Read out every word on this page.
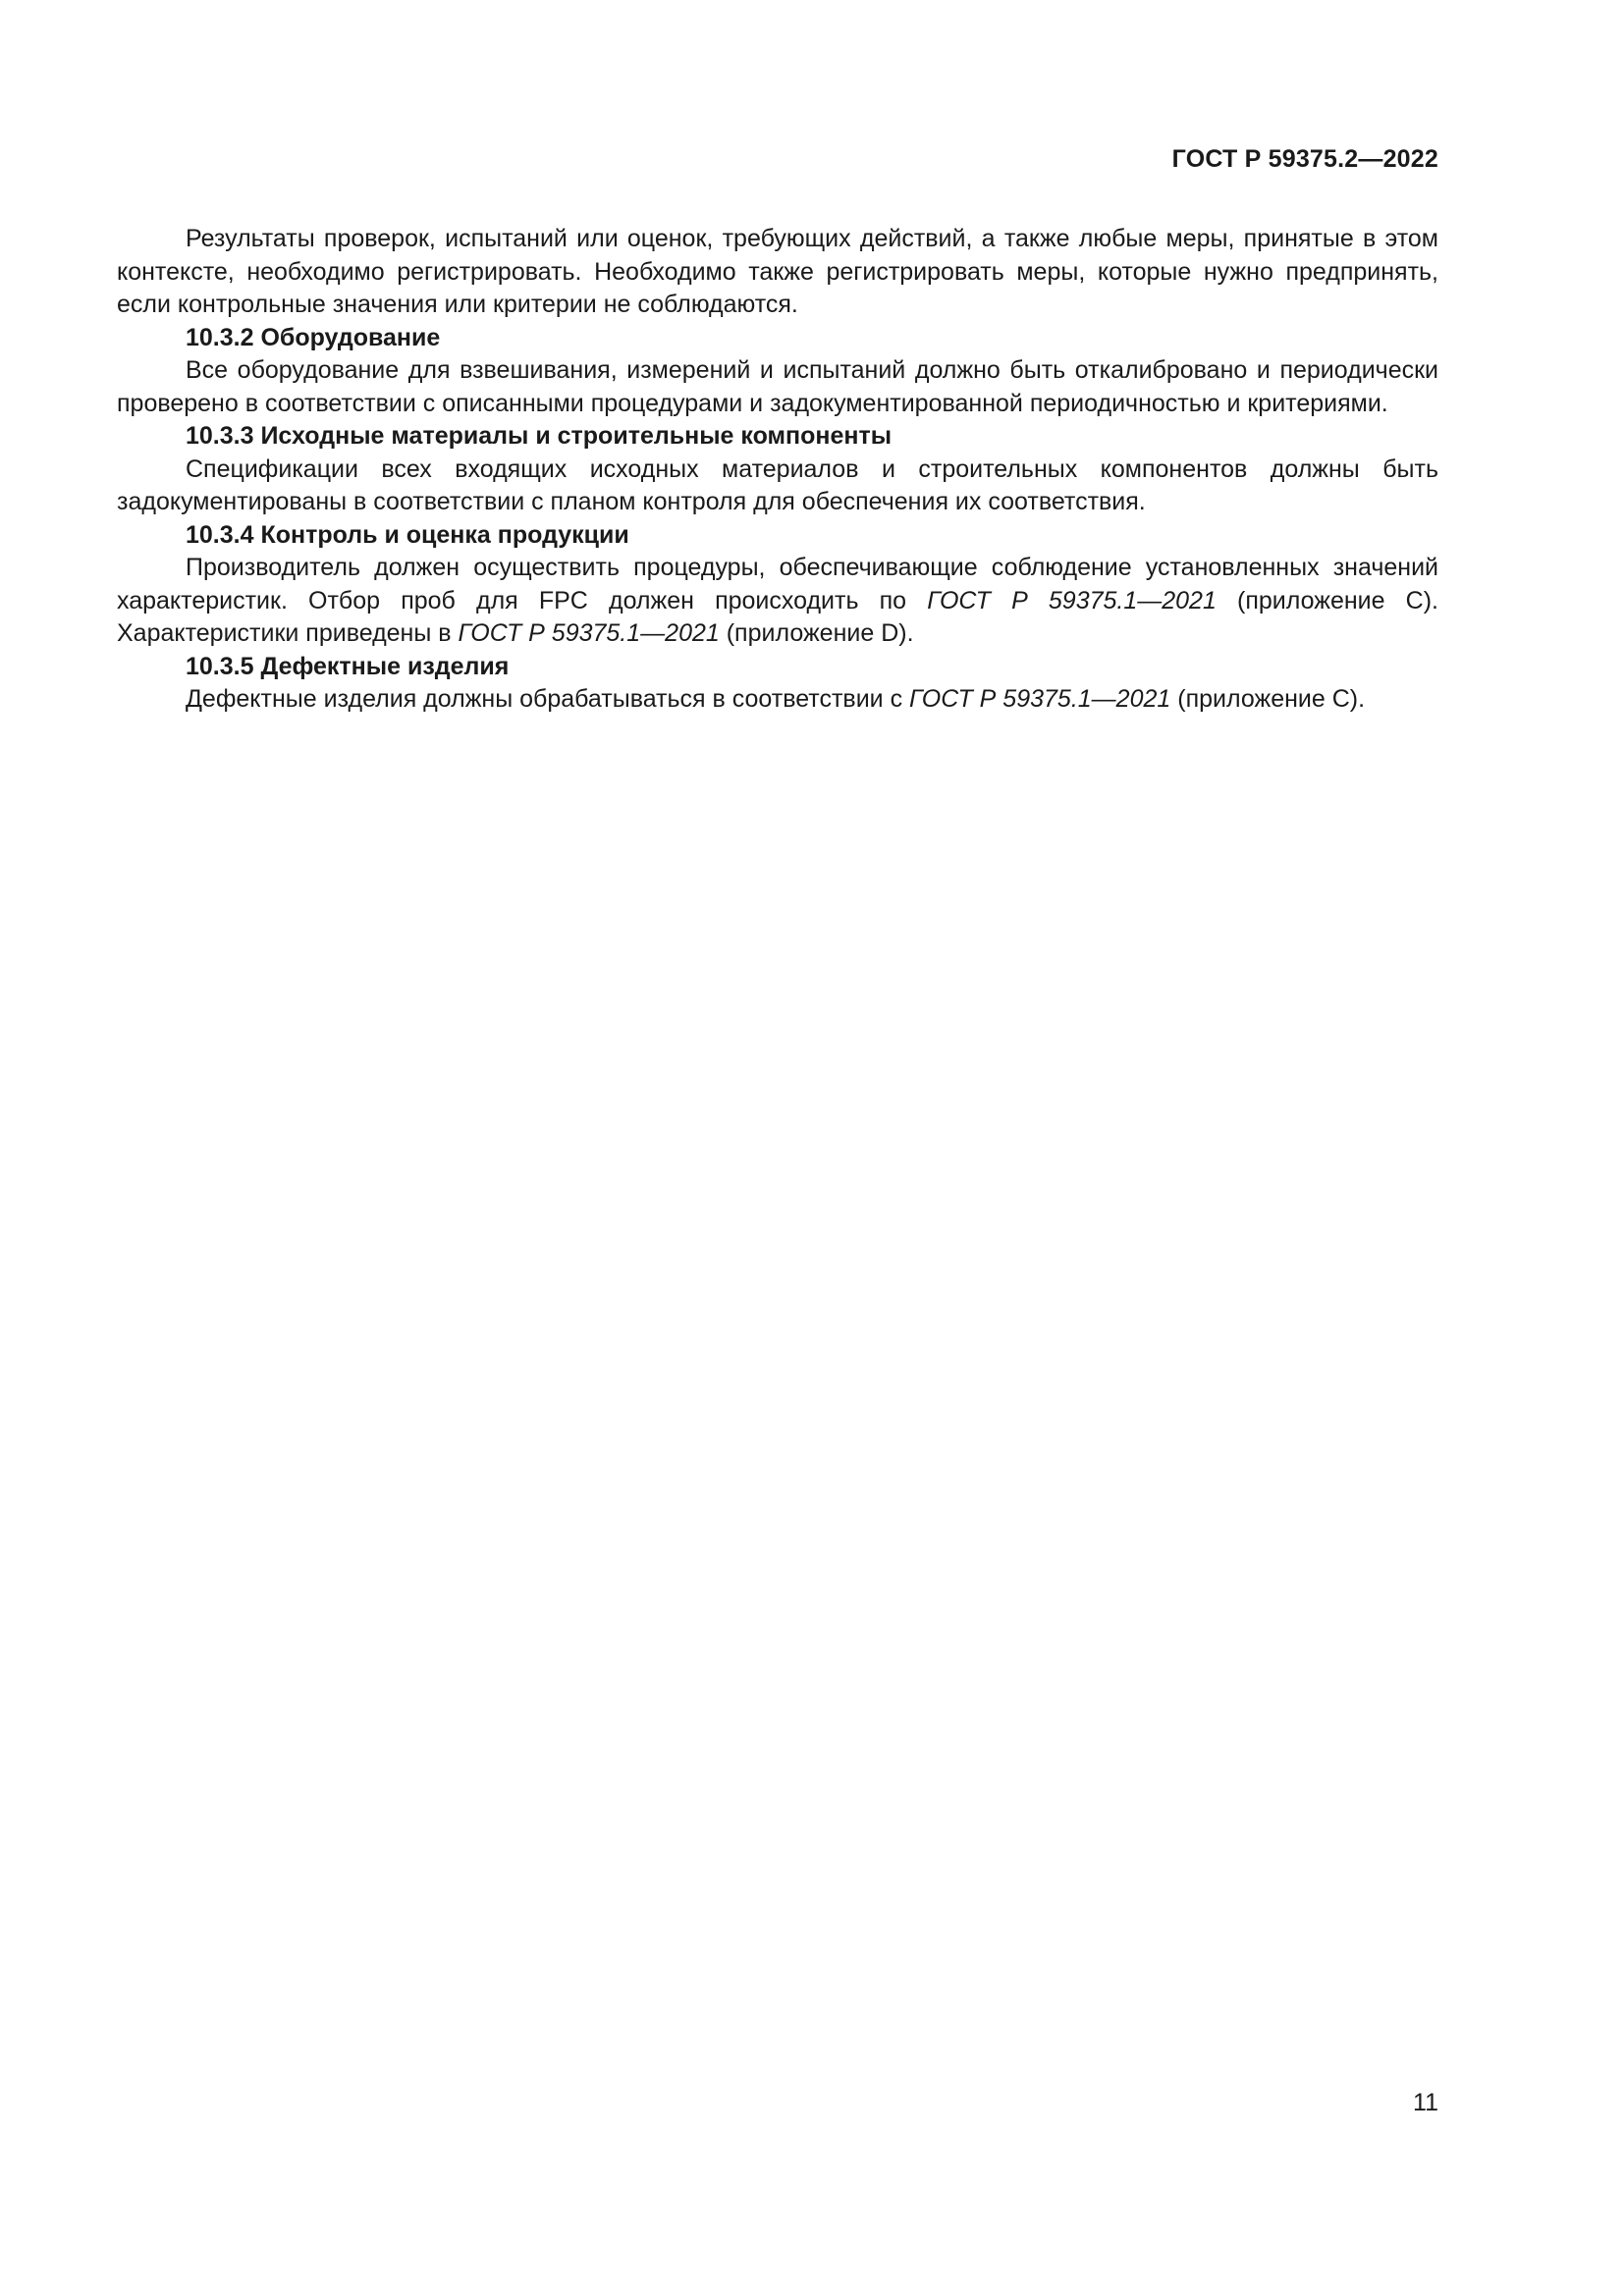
ГОСТ Р 59375.2—2022

Результаты проверок, испытаний или оценок, требующих действий, а также любые меры, принятые в этом контексте, необходимо регистрировать. Необходимо также регистрировать меры, которые нужно предпринять, если контрольные значения или критерии не соблюдаются.

10.3.2 Оборудование

Все оборудование для взвешивания, измерений и испытаний должно быть откалибровано и периодически проверено в соответствии с описанными процедурами и задокументированной периодичностью и критериями.

10.3.3 Исходные материалы и строительные компоненты

Спецификации всех входящих исходных материалов и строительных компонентов должны быть задокументированы в соответствии с планом контроля для обеспечения их соответствия.

10.3.4 Контроль и оценка продукции

Производитель должен осуществить процедуры, обеспечивающие соблюдение установленных значений характеристик. Отбор проб для FPC должен происходить по ГОСТ Р 59375.1—2021 (приложение С). Характеристики приведены в ГОСТ Р 59375.1—2021 (приложение D).

10.3.5 Дефектные изделия

Дефектные изделия должны обрабатываться в соответствии с ГОСТ Р 59375.1—2021 (приложение С).

11
